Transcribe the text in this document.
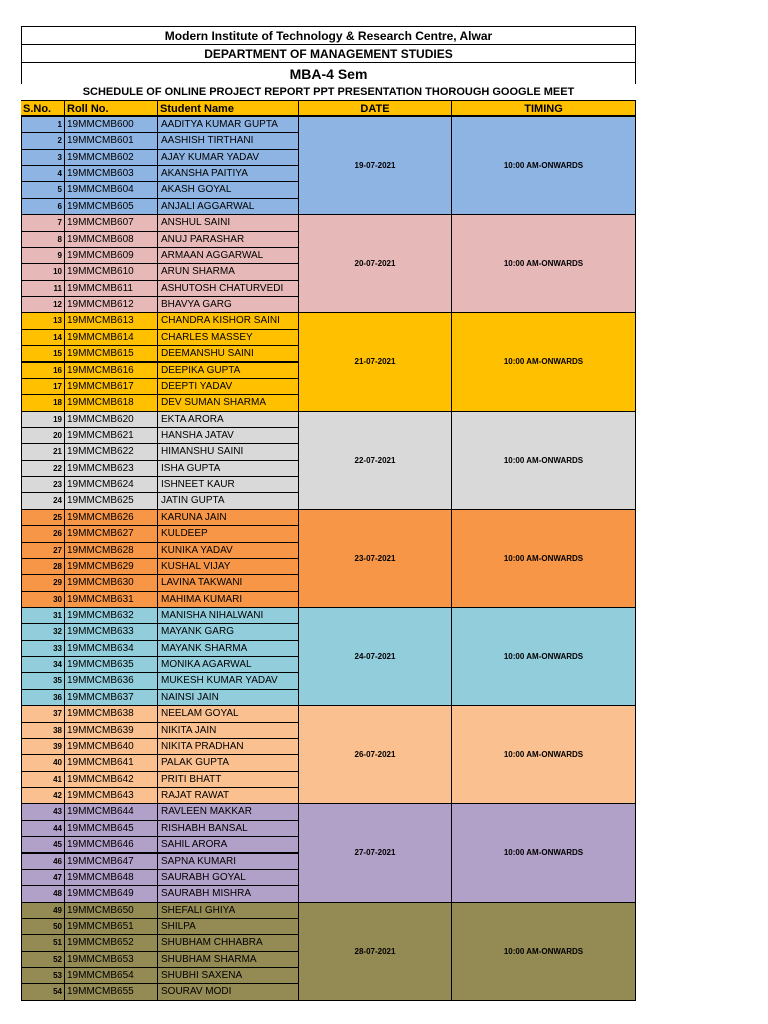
Modern Institute of Technology & Research Centre, Alwar
DEPARTMENT OF MANAGEMENT STUDIES
MBA-4 Sem
SCHEDULE OF ONLINE PROJECT REPORT PPT PRESENTATION THOROUGH GOOGLE MEET
S.No.	Roll No.	Student Name	DATE	TIMING
1 19MMCMB600	AADITYA KUMAR GUPTA
2 19MMCMB601	AASHISH TIRTHANI
3 19MMCMB602	AJAY KUMAR YADAV
4 19MMCMB603	AKANSHA PAITIYA
5 19MMCMB604	AKASH GOYAL
6 19MMCMB605	ANJALI AGGARWAL
19-07-2021	10:00 AM-ONWARDS
7 19MMCMB607	ANSHUL SAINI
8 19MMCMB608	ANUJ PARASHAR
9 19MMCMB609	ARMAAN AGGARWAL
10 19MMCMB610	ARUN SHARMA
11 19MMCMB611	ASHUTOSH CHATURVEDI
12 19MMCMB612	BHAVYA GARG
20-07-2021	10:00 AM-ONWARDS
13 19MMCMB613	CHANDRA KISHOR SAINI
14 19MMCMB614	CHARLES MASSEY
15 19MMCMB615	DEEMANSHU SAINI
16 19MMCMB616	DEEPIKA GUPTA
17 19MMCMB617	DEEPTI YADAV
18 19MMCMB618	DEV SUMAN SHARMA
21-07-2021	10:00 AM-ONWARDS
19 19MMCMB620	EKTA ARORA
20 19MMCMB621	HANSHA JATAV
21 19MMCMB622	HIMANSHU SAINI
22 19MMCMB623	ISHA GUPTA
23 19MMCMB624	ISHNEET KAUR
24 19MMCMB625	JATIN GUPTA
22-07-2021	10:00 AM-ONWARDS
25 19MMCMB626	KARUNA JAIN
26 19MMCMB627	KULDEEP
27 19MMCMB628	KUNIKA YADAV
28 19MMCMB629	KUSHAL VIJAY
29 19MMCMB630	LAVINA TAKWANI
30 19MMCMB631	MAHIMA KUMARI
23-07-2021	10:00 AM-ONWARDS
31 19MMCMB632	MANISHA NIHALWANI
32 19MMCMB633	MAYANK GARG
33 19MMCMB634	MAYANK SHARMA
34 19MMCMB635	MONIKA AGARWAL
35 19MMCMB636	MUKESH KUMAR YADAV
36 19MMCMB637	NAINSI JAIN
24-07-2021	10:00 AM-ONWARDS
37 19MMCMB638	NEELAM GOYAL
38 19MMCMB639	NIKITA JAIN
39 19MMCMB640	NIKITA PRADHAN
40 19MMCMB641	PALAK GUPTA
41 19MMCMB642	PRITI BHATT
42 19MMCMB643	RAJAT RAWAT
26-07-2021	10:00 AM-ONWARDS
43 19MMCMB644	RAVLEEN MAKKAR
44 19MMCMB645	RISHABH BANSAL
45 19MMCMB646	SAHIL ARORA
46 19MMCMB647	SAPNA KUMARI
47 19MMCMB648	SAURABH GOYAL
48 19MMCMB649	SAURABH MISHRA
27-07-2021	10:00 AM-ONWARDS
49 19MMCMB650	SHEFALI GHIYA
50 19MMCMB651	SHILPA
51 19MMCMB652	SHUBHAM CHHABRA
52 19MMCMB653	SHUBHAM SHARMA
53 19MMCMB654	SHUBHI SAXENA
54 19MMCMB655	SOURAV MODI
28-07-2021	10:00 AM-ONWARDS
